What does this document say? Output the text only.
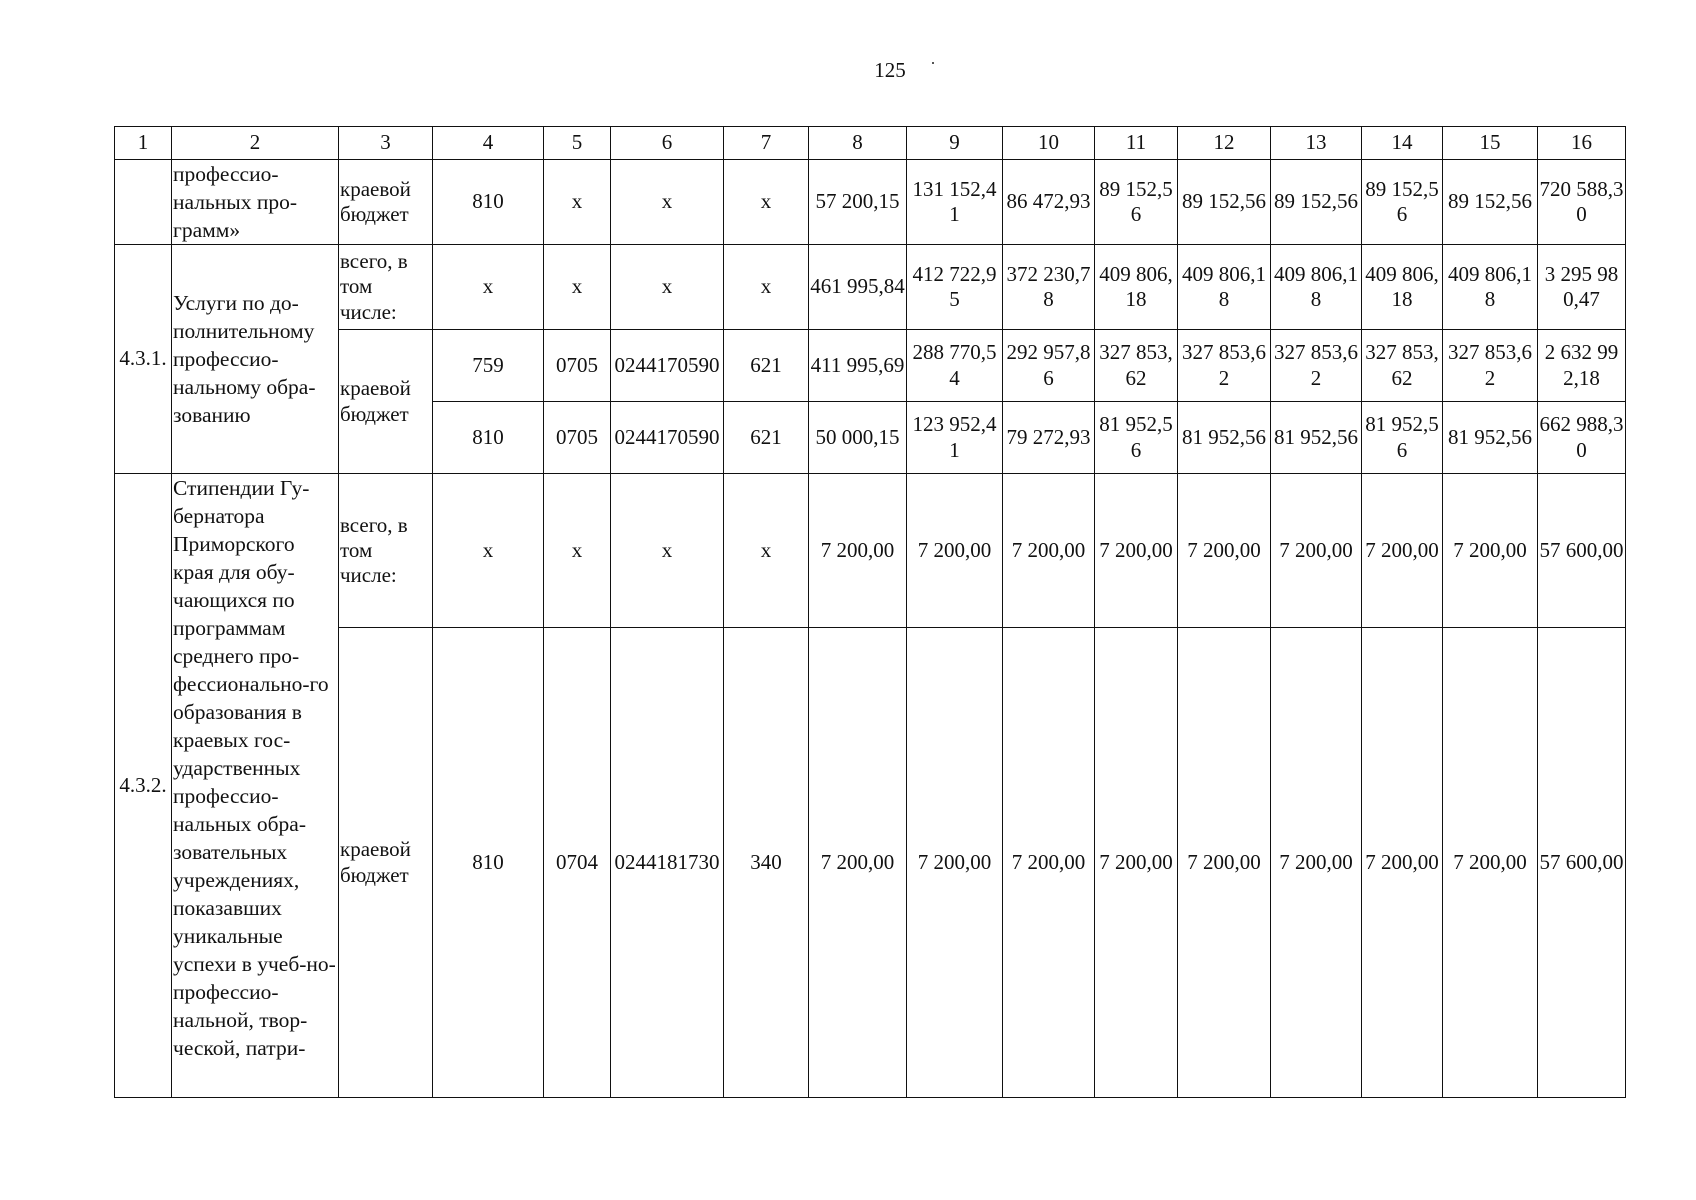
125
1	2	3	4	5	6	7	8	9	10	11	12	13	14	15	16
	профессио-нальных про-грамм»	краевой бюджет	810	x	x	x	57 200,15	131 152,41	86 472,93	89 152,56	89 152,56	89 152,56	89 152,56	89 152,56	720 588,30
4.3.1.	Услуги по до-полнительному профессио-нальному обра-зованию	всего, в том числе:	x	x	x	x	461 995,84	412 722,95	372 230,78	409 806,18	409 806,18	409 806,18	409 806,18	409 806,18	3 295 980,47
		краевой бюджет	759	0705	0244170590	621	411 995,69	288 770,54	292 957,86	327 853,62	327 853,62	327 853,62	327 853,62	327 853,62	2 632 992,18
			810	0705	0244170590	621	50 000,15	123 952,41	79 272,93	81 952,56	81 952,56	81 952,56	81 952,56	81 952,56	662 988,30
4.3.2.	Стипендии Гу-бернатора Приморского края для обу-чающихся по программам среднего про-фессионально-го образования в краевых гос-ударственных профессио-нальных обра-зовательных учреждениях, показавших уникальные успехи в учеб-но-профессио-нальной, твор-ческой, патри-	всего, в том числе:	x	x	x	x	7 200,00	7 200,00	7 200,00	7 200,00	7 200,00	7 200,00	7 200,00	7 200,00	57 600,00
		краевой бюджет	810	0704	0244181730	340	7 200,00	7 200,00	7 200,00	7 200,00	7 200,00	7 200,00	7 200,00	7 200,00	57 600,00
